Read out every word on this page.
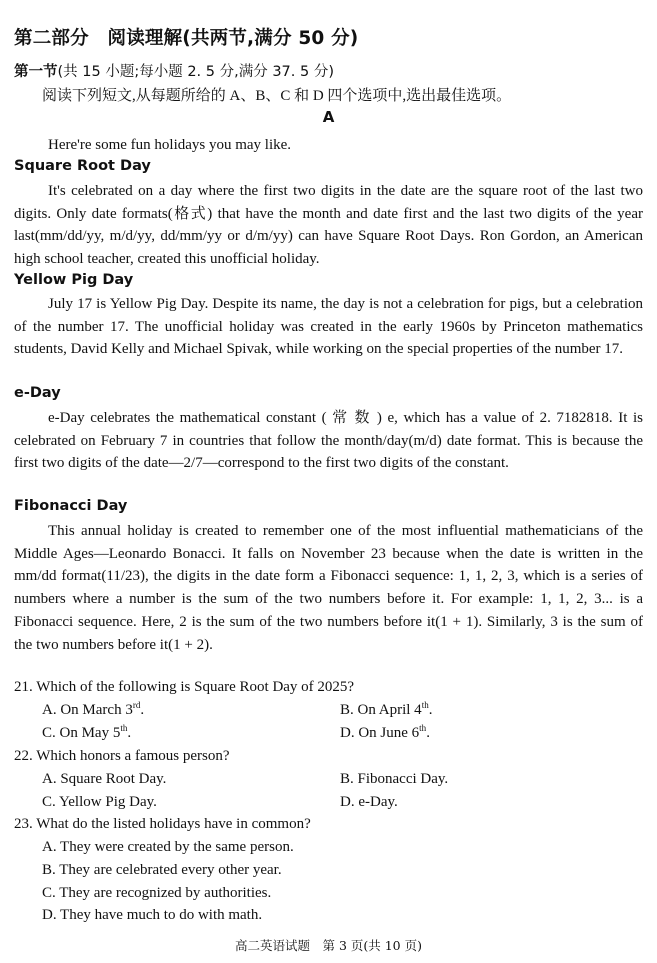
第二部分　阅读理解(共两节,满分 50 分)
第一节(共 15 小题;每小题 2. 5 分,满分 37. 5 分)
阅读下列短文,从每题所给的 A、B、C 和 D 四个选项中,选出最佳选项。
A
Here're some fun holidays you may like.
Square Root Day

It's celebrated on a day where the first two digits in the date are the square root of the last two digits. Only date formats(格式) that have the month and date first and the last two digits of the year last(mm/dd/yy, m/d/yy, dd/mm/yy or d/m/yy) can have Square Root Days. Ron Gordon, an American high school teacher, created this unofficial holiday.

Yellow Pig Day

July 17 is Yellow Pig Day. Despite its name, the day is not a celebration for pigs, but a celebration of the number 17. The unofficial holiday was created in the early 1960s by Princeton mathematics students, David Kelly and Michael Spivak, while working on the special properties of the number 17.

e-Day

e-Day celebrates the mathematical constant ( 常 数 ) e, which has a value of 2. 7182818. It is celebrated on February 7 in countries that follow the month/day(m/d) date format. This is because the first two digits of the date—2/7—correspond to the first two digits of the constant.

Fibonacci Day

This annual holiday is created to remember one of the most influential mathematicians of the Middle Ages—Leonardo Bonacci. It falls on November 23 because when the date is written in the mm/dd format(11/23), the digits in the date form a Fibonacci sequence: 1, 1, 2, 3, which is a series of numbers where a number is the sum of the two numbers before it. For example: 1, 1, 2, 3... is a Fibonacci sequence. Here, 2 is the sum of the two numbers before it(1 + 1). Similarly, 3 is the sum of the two numbers before it(1 + 2).

21. Which of the following is Square Root Day of 2025?
A. On March 3rd.	B. On April 4th.
C. On May 5th.	D. On June 6th.
22. Which honors a famous person?
A. Square Root Day.	B. Fibonacci Day.
C. Yellow Pig Day.	D. e-Day.
23. What do the listed holidays have in common?
A. They were created by the same person.
B. They are celebrated every other year.
C. They are recognized by authorities.
D. They have much to do with math.
高二英语试题　第 3 页(共 10 页)
